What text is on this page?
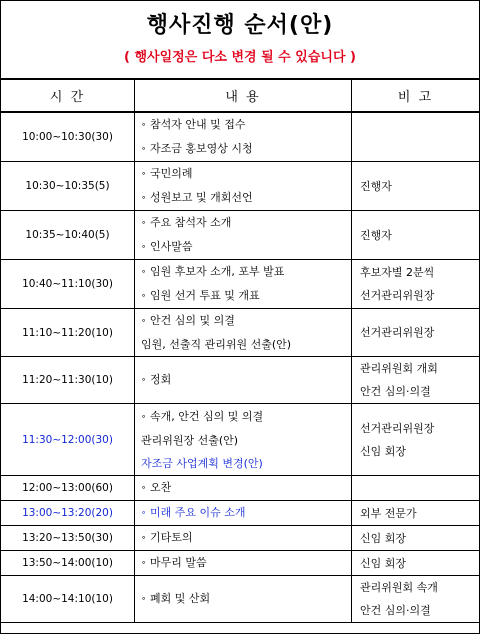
행사진행 순서(안)
( 행사일정은 다소 변경 될 수 있습니다 )
시 간	내 용	비 고
10:00~10:30(30)	∘ 참석자 안내 및 접수
∘ 자조금 홍보영상 시청	

10:30~10:35(5)	∘ 국민의례
∘ 성원보고 및 개회선언	진행자

10:35~10:40(5)	∘ 주요 참석자 소개
∘ 인사말씀	진행자

10:40~11:10(30)	∘ 임원 후보자 소개, 포부 발표
∘ 임원 선거 투표 및 개표	후보자별 2분씩
선거관리위원장

11:10~11:20(10)	∘ 안건 심의 및 의결
임원, 선출직 관리위원 선출(안)	선거관리위원장

11:20~11:30(10)	∘ 정회	관리위원회 개회
안건 심의·의결

11:30~12:00(30)	∘ 속개, 안건 심의 및 의결
관리위원장 선출(안)
자조금 사업계획 변경(안)	선거관리위원장
신임 회장

12:00~13:00(60)	∘ 오찬	

13:00~13:20(20)	∘ 미래 주요 이슈 소개	외부 전문가

13:20~13:50(30)	∘ 기타토의	신임 회장

13:50~14:00(10)	∘ 마무리 말씀	신임 회장

14:00~14:10(10)	∘ 폐회 및 산회	관리위원회 속개
안건 심의·의결
